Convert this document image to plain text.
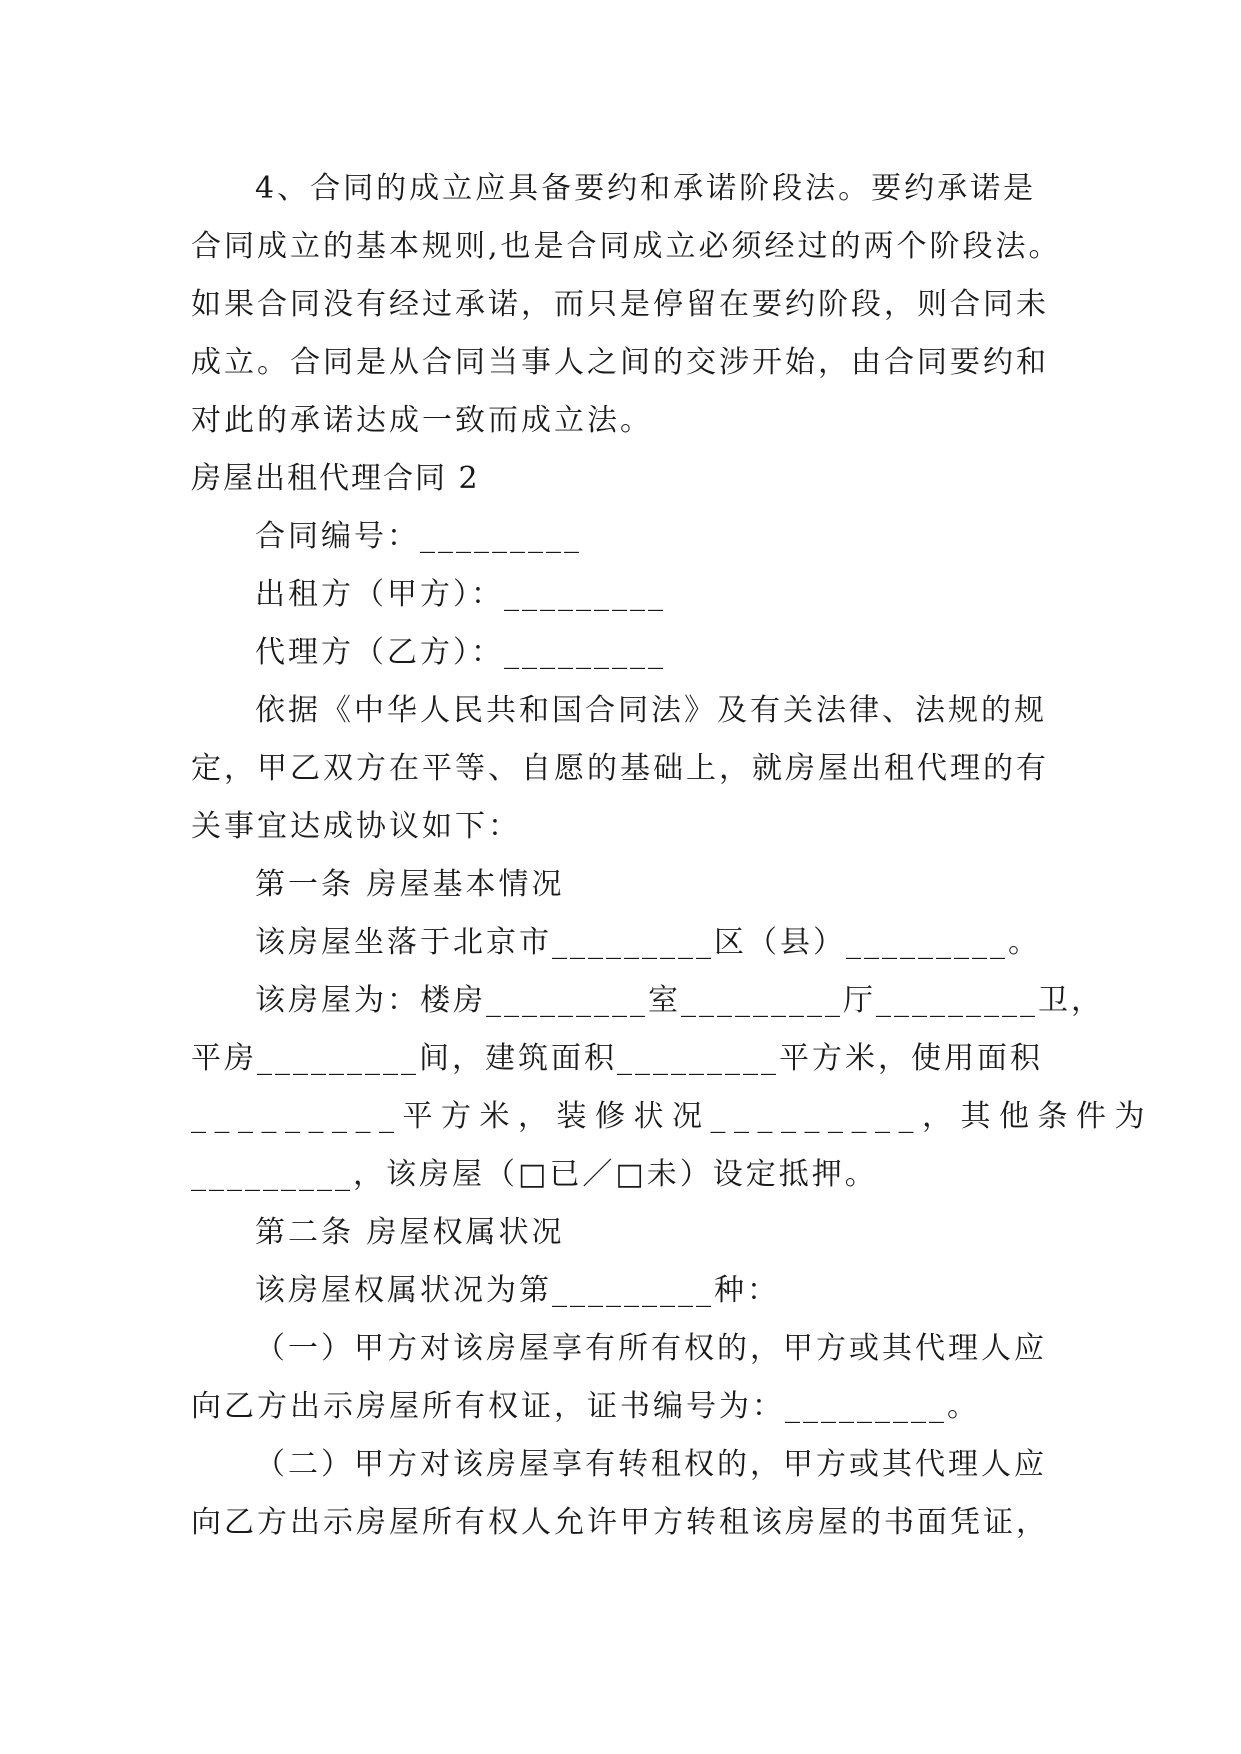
4、合同的成立应具备要约和承诺阶段法。要约承诺是
合同成立的基本规则,也是合同成立必须经过的两个阶段法。
如果合同没有经过承诺，而只是停留在要约阶段，则合同未
成立。合同是从合同当事人之间的交涉开始，由合同要约和
对此的承诺达成一致而成立法。
房屋出租代理合同 2
合同编号：_________
出租方（甲方）：_________
代理方（乙方）：_________
依据《中华人民共和国合同法》及有关法律、法规的规
定，甲乙双方在平等、自愿的基础上，就房屋出租代理的有
关事宜达成协议如下：
第一条 房屋基本情况
该房屋坐落于北京市_________区（县）_________。
该房屋为：楼房_________室_________厅_________卫，
平房_________间，建筑面积_________平方米，使用面积
_________平方米，装修状况_________，其他条件为
_________，该房屋（□已／□未）设定抵押。
第二条 房屋权属状况
该房屋权属状况为第_________种：
（一）甲方对该房屋享有所有权的，甲方或其代理人应
向乙方出示房屋所有权证，证书编号为：_________。
（二）甲方对该房屋享有转租权的，甲方或其代理人应
向乙方出示房屋所有权人允许甲方转租该房屋的书面凭证，
